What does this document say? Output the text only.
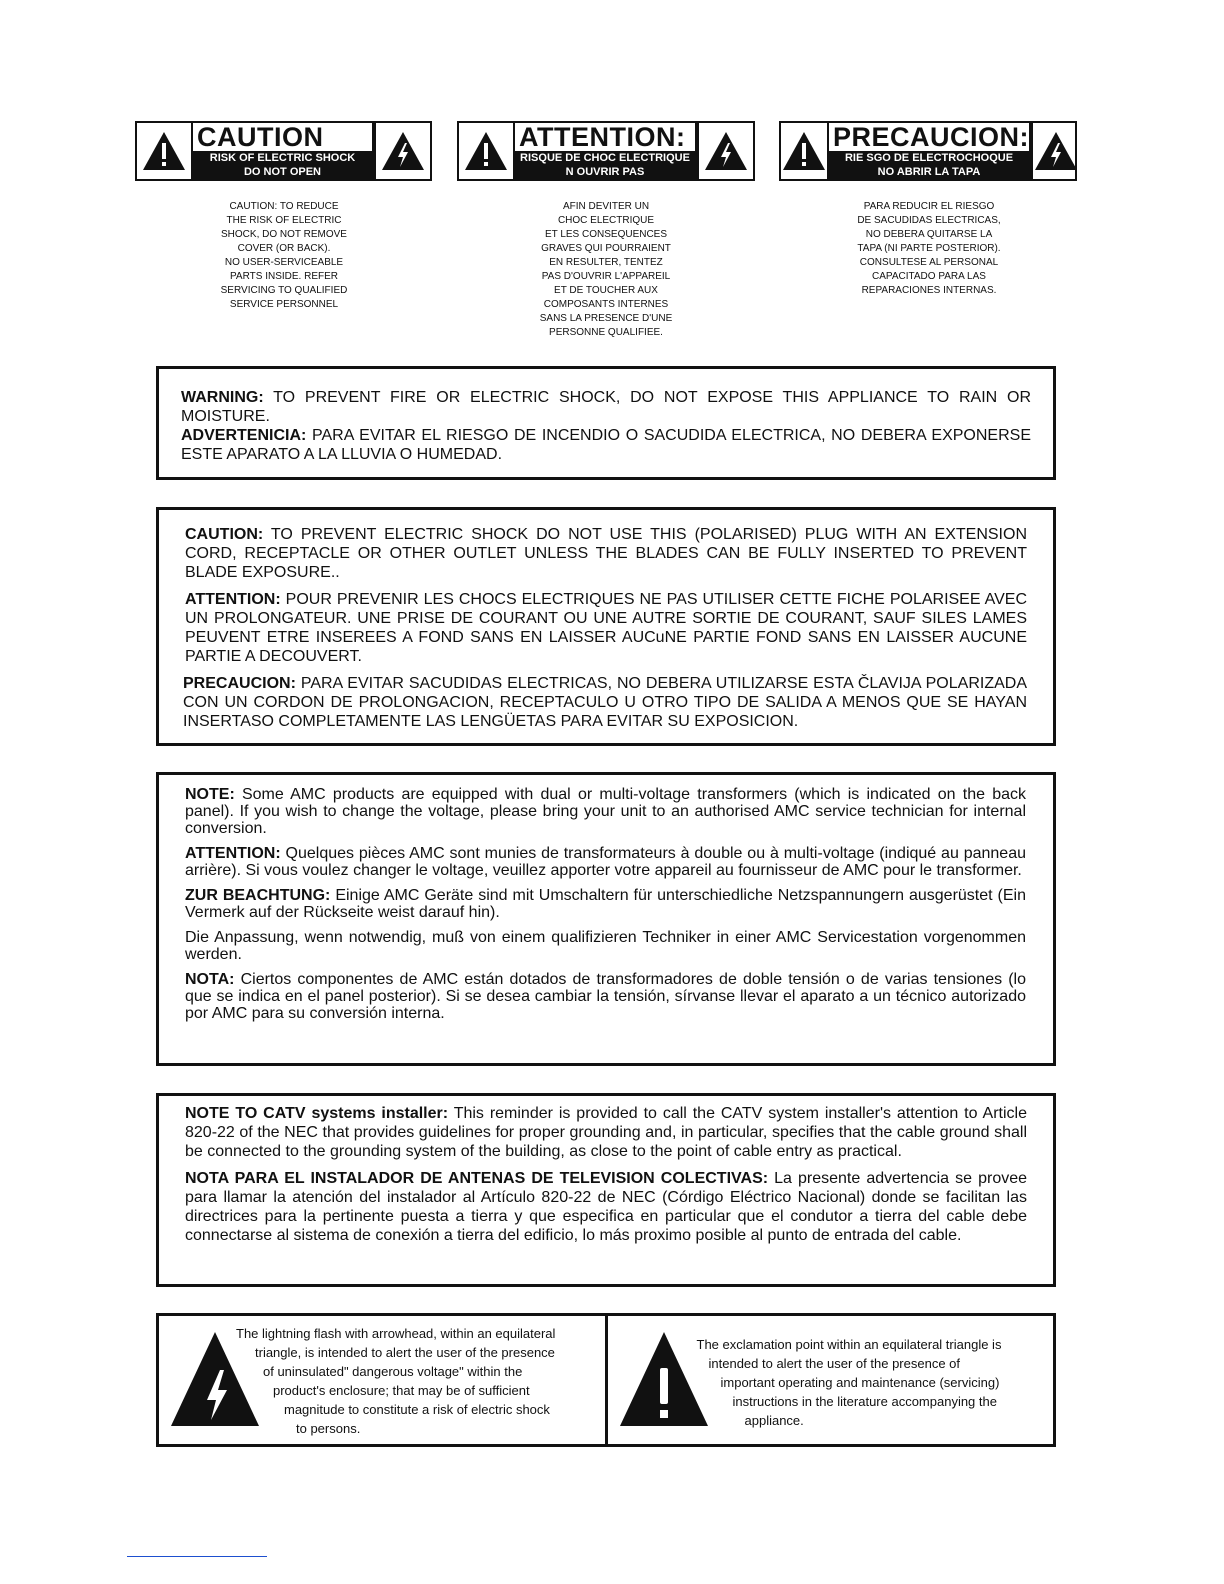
CAUTION
RISK OF ELECTRIC SHOCK
DO NOT OPEN
ATTENTION:
RISQUE DE CHOC ELECTRIQUE
N OUVRIR PAS
PRECAUCION:
RIE SGO DE ELECTROCHOQUE
NO ABRIR LA TAPA
CAUTION: TO REDUCE
THE RISK OF ELECTRIC
SHOCK, DO NOT REMOVE
COVER (OR BACK).
NO USER-SERVICEABLE
PARTS INSIDE. REFER
SERVICING TO QUALIFIED
SERVICE PERSONNEL
AFIN DEVITER UN
CHOC ELECTRIQUE
ET LES CONSEQUENCES
GRAVES QUI POURRAIENT
EN RESULTER, TENTEZ
PAS D'OUVRIR L'APPAREIL
ET DE TOUCHER AUX
COMPOSANTS INTERNES
SANS LA PRESENCE D'UNE
PERSONNE QUALIFIEE.
PARA REDUCIR EL RIESGO
DE SACUDIDAS ELECTRICAS,
NO DEBERA QUITARSE LA
TAPA (NI PARTE POSTERIOR).
CONSULTESE AL PERSONAL
CAPACITADO PARA LAS
REPARACIONES INTERNAS.

WARNING: TO PREVENT FIRE OR ELECTRIC SHOCK, DO NOT EXPOSE THIS APPLIANCE TO RAIN OR MOISTURE.

ADVERTENICIA: PARA EVITAR EL RIESGO DE INCENDIO O SACUDIDA ELECTRICA, NO DEBERA EXPONERSE ESTE APARATO A LA LLUVIA O HUMEDAD.

CAUTION: TO PREVENT ELECTRIC SHOCK DO NOT USE THIS (POLARISED) PLUG WITH AN EXTENSION CORD, RECEPTACLE OR OTHER OUTLET UNLESS THE BLADES CAN BE FULLY INSERTED TO PREVENT BLADE EXPOSURE..

ATTENTION: POUR PREVENIR LES CHOCS ELECTRIQUES NE PAS UTILISER CETTE FICHE POLARISEE AVEC UN PROLONGATEUR. UNE PRISE DE COURANT OU UNE AUTRE SORTIE DE COURANT, SAUF SILES LAMES PEUVENT ETRE INSEREES A FOND SANS EN LAISSER AUCuNE PARTIE FOND SANS EN LAISSER AUCUNE PARTIE A DECOUVERT.

PRECAUCION: PARA EVITAR SACUDIDAS ELECTRICAS, NO DEBERA UTILIZARSE ESTA ČLAVIJA POLARIZADA CON UN CORDON DE PROLONGACION, RECEPTACULO U OTRO TIPO DE SALIDA A MENOS QUE SE HAYAN INSERTASO COMPLETAMENTE LAS LENGÜETAS PARA EVITAR SU EXPOSICION.

NOTE: Some AMC products are equipped with dual or multi-voltage transformers (which is indicated on the back panel). If you wish to change the voltage, please bring your unit to an authorised AMC service technician for internal conversion.

ATTENTION: Quelques pièces AMC sont munies de transformateurs à double ou à multi-voltage (indiqué au panneau arrière). Si vous voulez changer le voltage, veuillez apporter votre appareil au fournisseur de AMC pour le transformer.

ZUR BEACHTUNG: Einige AMC Geräte sind mit Umschaltern für unterschiedliche Netzspannungern ausgerüstet (Ein Vermerk auf der Rückseite weist darauf hin).

Die Anpassung, wenn notwendig, muß von einem qualifizieren Techniker in einer AMC Servicestation vorgenommen werden.

NOTA: Ciertos componentes de AMC están dotados de transformadores de doble tensión o de varias tensiones (lo que se indica en el panel posterior). Si se desea cambiar la tensión, sírvanse llevar el aparato a un técnico autorizado por AMC para su conversión interna.

NOTE TO CATV systems installer: This reminder is provided to call the CATV system installer's attention to Article 820-22 of the NEC that provides guidelines for proper grounding and, in particular, specifies that the cable ground shall be connected to the grounding system of the building, as close to the point of cable entry as practical.

NOTA PARA EL INSTALADOR DE ANTENAS DE TELEVISION COLECTIVAS: La presente advertencia se provee para llamar la atención del instalador al Artículo 820-22 de NEC (Córdigo Eléctrico Nacional) donde se facilitan las directrices para la pertinente puesta a tierra y que especifica en particular que el condutor a tierra del cable debe connectarse al sistema de conexión a tierra del edificio, lo más proximo posible al punto de entrada del cable.

The lightning flash with arrowhead, within an equilateral
triangle, is intended to alert the user of the presence
of uninsulated" dangerous voltage" within the
product's enclosure; that may be of sufficient
magnitude to constitute a risk of electric shock
to persons.
The exclamation point within an equilateral triangle is
intended to alert the user of the presence of
important operating and maintenance (servicing)
instructions in the literature accompanying the
appliance.
